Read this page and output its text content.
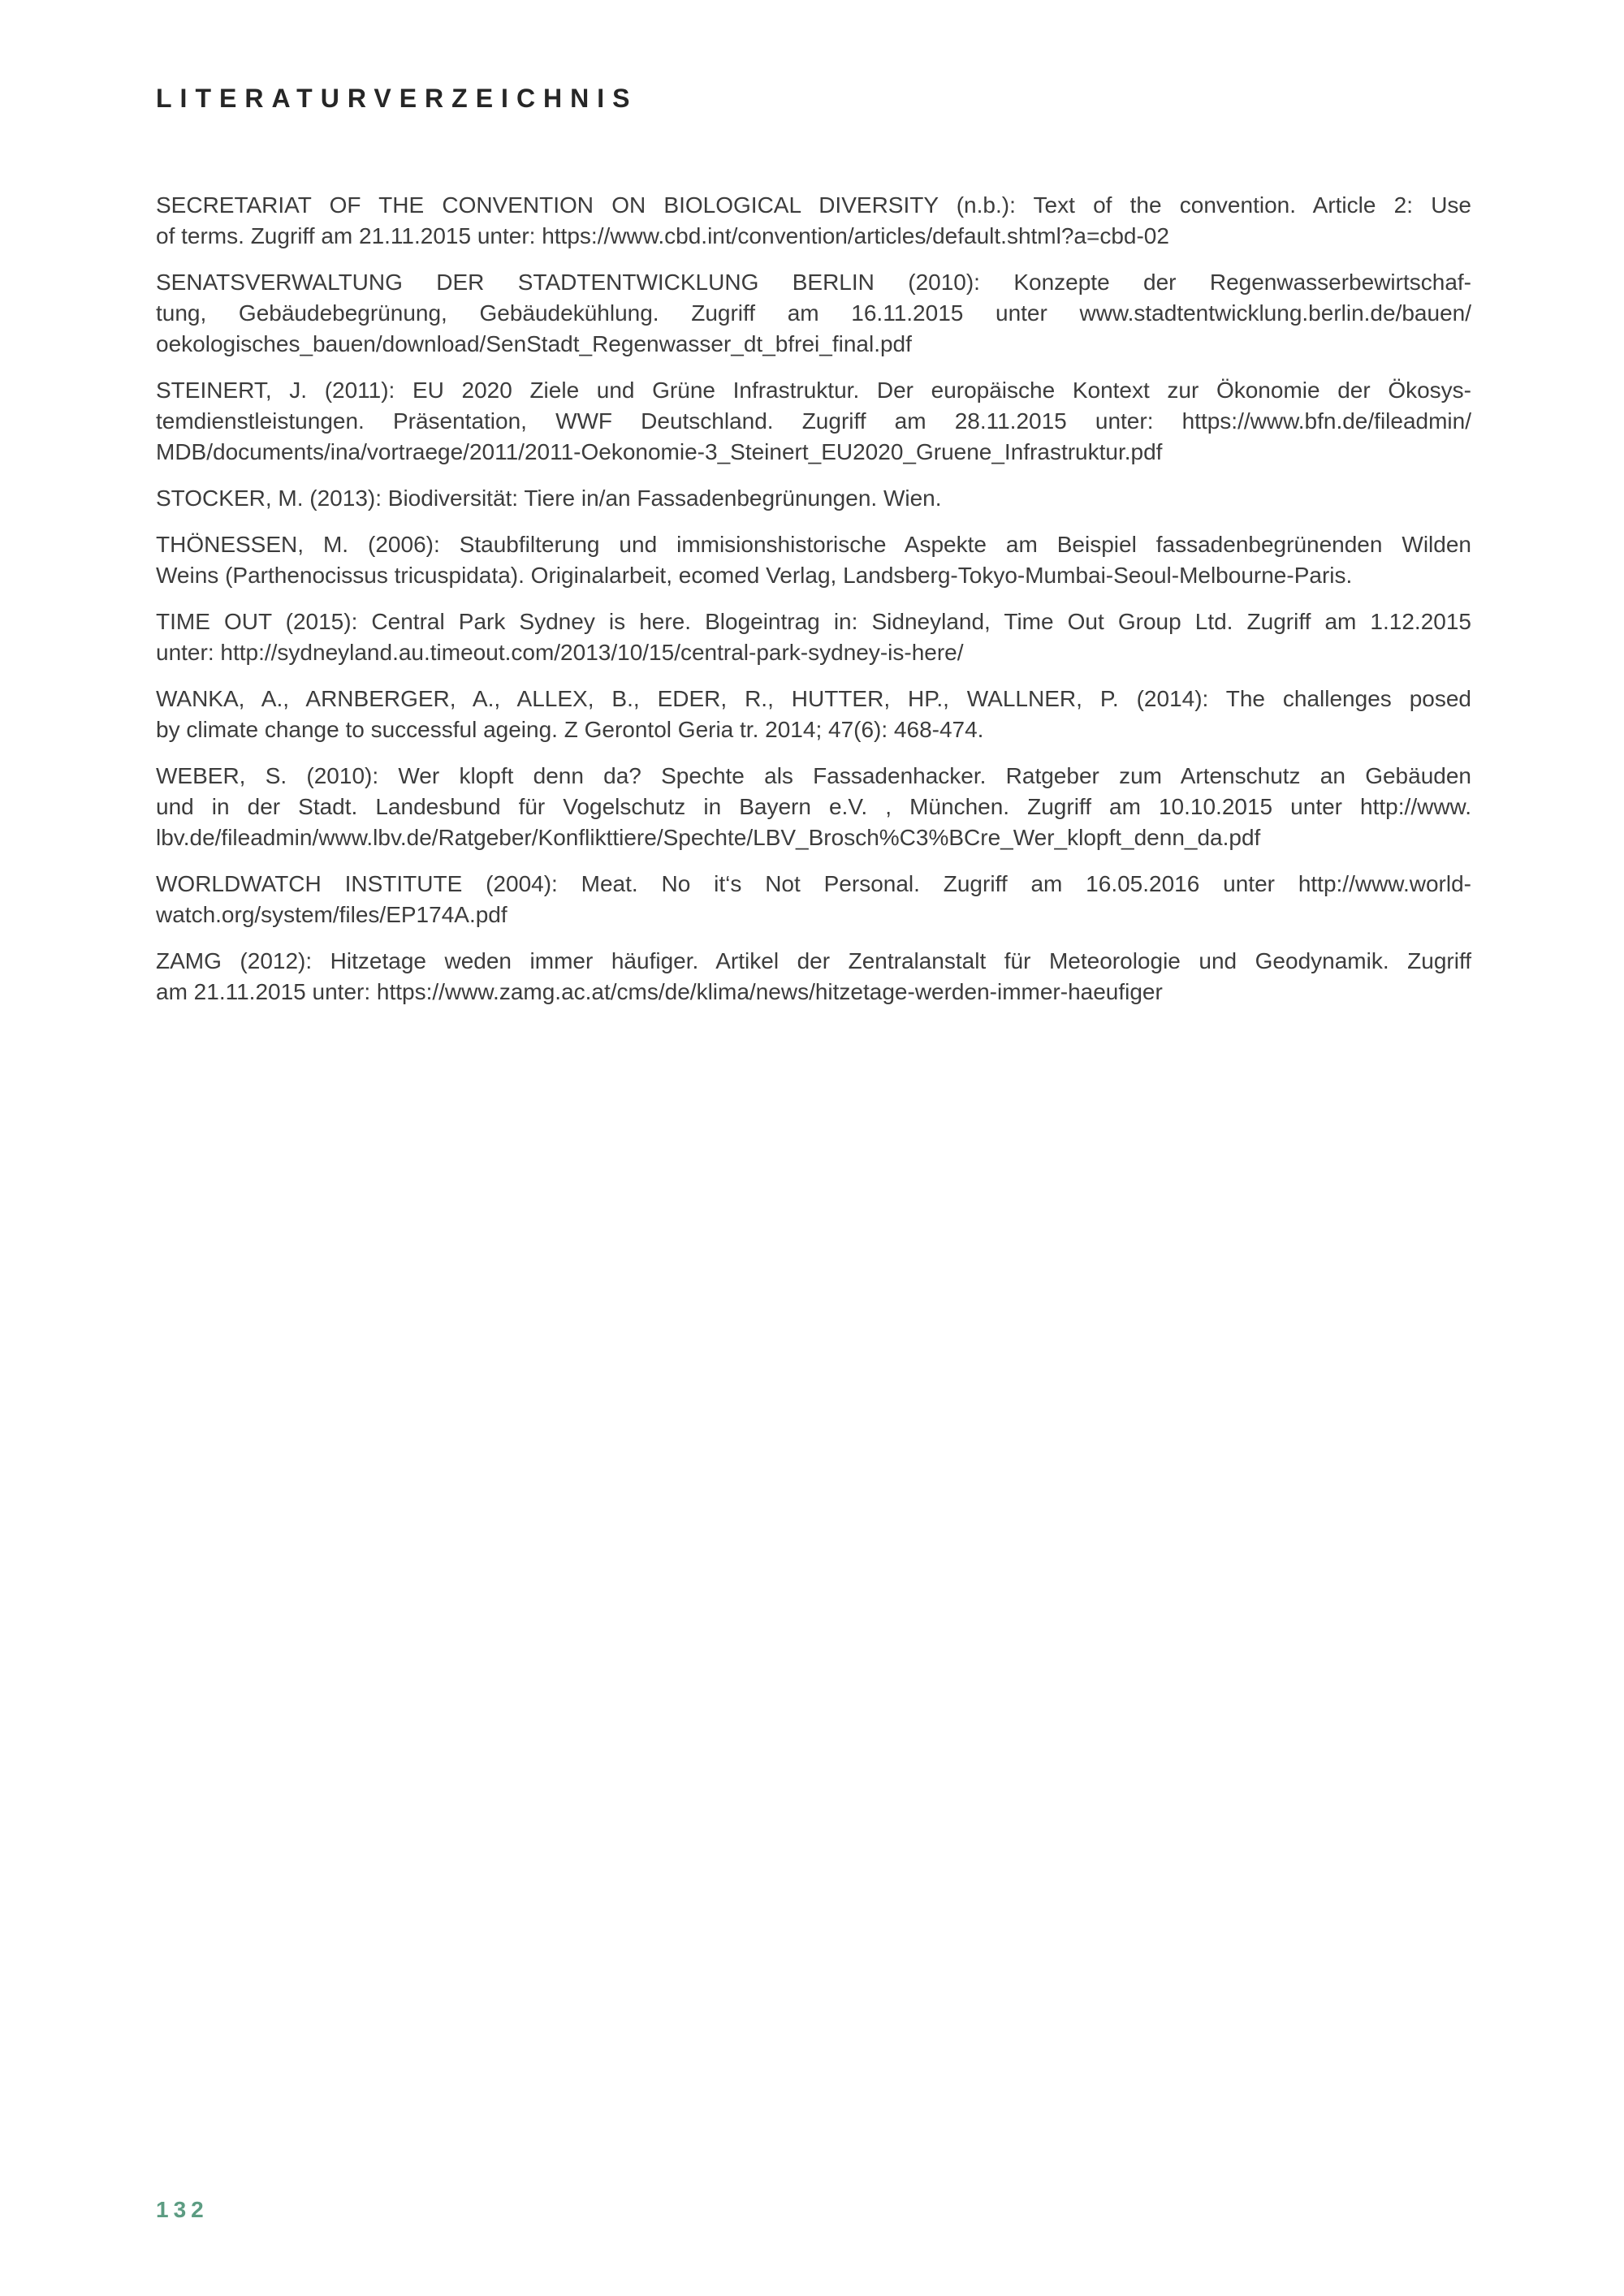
LITERATURVERZEICHNIS
SECRETARIAT OF THE CONVENTION ON BIOLOGICAL DIVERSITY (n.b.): Text of the convention. Article 2: Use
of terms. Zugriff am 21.11.2015 unter: https://www.cbd.int/convention/articles/default.shtml?a=cbd-02
SENATSVERWALTUNG DER STADTENTWICKLUNG BERLIN (2010): Konzepte der Regenwasserbewirtschaf-
tung, Gebäudebegrünung, Gebäudekühlung. Zugriff am 16.11.2015 unter www.stadtentwicklung.berlin.de/bauen/
oekologisches_bauen/download/SenStadt_Regenwasser_dt_bfrei_final.pdf
STEINERT, J. (2011): EU 2020 Ziele und Grüne Infrastruktur. Der europäische Kontext zur Ökonomie der Ökosys-
temdienstleistungen. Präsentation, WWF Deutschland. Zugriff am 28.11.2015 unter: https://www.bfn.de/fileadmin/
MDB/documents/ina/vortraege/2011/2011-Oekonomie-3_Steinert_EU2020_Gruene_Infrastruktur.pdf
STOCKER, M. (2013): Biodiversität: Tiere in/an Fassadenbegrünungen. Wien.
THÖNESSEN, M. (2006): Staubfilterung und immisionshistorische Aspekte am Beispiel fassadenbegrünenden Wilden
Weins (Parthenocissus tricuspidata). Originalarbeit, ecomed Verlag, Landsberg-Tokyo-Mumbai-Seoul-Melbourne-Paris.
TIME OUT (2015): Central Park Sydney is here. Blogeintrag in: Sidneyland, Time Out Group Ltd. Zugriff am 1.12.2015
unter: http://sydneyland.au.timeout.com/2013/10/15/central-park-sydney-is-here/
WANKA, A., ARNBERGER, A., ALLEX, B., EDER, R., HUTTER, HP., WALLNER, P. (2014): The challenges posed
by climate change to successful ageing. Z Gerontol Geria tr. 2014; 47(6): 468-474.
WEBER, S. (2010): Wer klopft denn da? Spechte als Fassadenhacker. Ratgeber zum Artenschutz an Gebäuden
und in der Stadt. Landesbund für Vogelschutz in Bayern e.V. , München. Zugriff am 10.10.2015 unter http://www.
lbv.de/fileadmin/www.lbv.de/Ratgeber/Konflikttiere/Spechte/LBV_Brosch%C3%BCre_Wer_klopft_denn_da.pdf
WORLDWATCH INSTITUTE (2004): Meat. No it‘s Not Personal. Zugriff am 16.05.2016 unter http://www.world-
watch.org/system/files/EP174A.pdf
ZAMG (2012): Hitzetage weden immer häufiger. Artikel der Zentralanstalt für Meteorologie und Geodynamik. Zugriff
am 21.11.2015 unter: https://www.zamg.ac.at/cms/de/klima/news/hitzetage-werden-immer-haeufiger
132
